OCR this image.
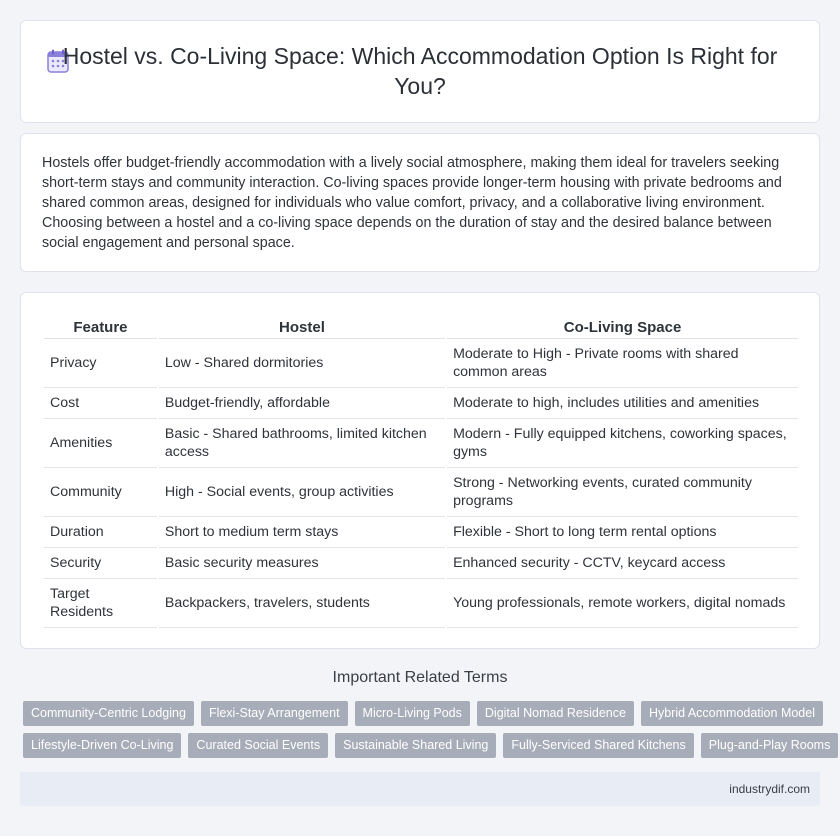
Hostel vs. Co-Living Space: Which Accommodation Option Is Right for You?

Hostels offer budget-friendly accommodation with a lively social atmosphere, making them ideal for travelers seeking short-term stays and community interaction. Co-living spaces provide longer-term housing with private bedrooms and shared common areas, designed for individuals who value comfort, privacy, and a collaborative living environment. Choosing between a hostel and a co-living space depends on the duration of stay and the desired balance between social engagement and personal space.

Feature	Hostel	Co-Living Space
Privacy	Low - Shared dormitories	Moderate to High - Private rooms with shared common areas
Cost	Budget-friendly, affordable	Moderate to high, includes utilities and amenities
Amenities	Basic - Shared bathrooms, limited kitchen access	Modern - Fully equipped kitchens, coworking spaces, gyms
Community	High - Social events, group activities	Strong - Networking events, curated community programs
Duration	Short to medium term stays	Flexible - Short to long term rental options
Security	Basic security measures	Enhanced security - CCTV, keycard access
Target Residents	Backpackers, travelers, students	Young professionals, remote workers, digital nomads
Important Related Terms
Community-Centric Lodging	Flexi-Stay Arrangement	Micro-Living Pods	Digital Nomad Residence	Hybrid Accommodation Model
Lifestyle-Driven Co-Living	Curated Social Events	Sustainable Shared Living	Fully-Serviced Shared Kitchens	Plug-and-Play Rooms
industrydif.com
